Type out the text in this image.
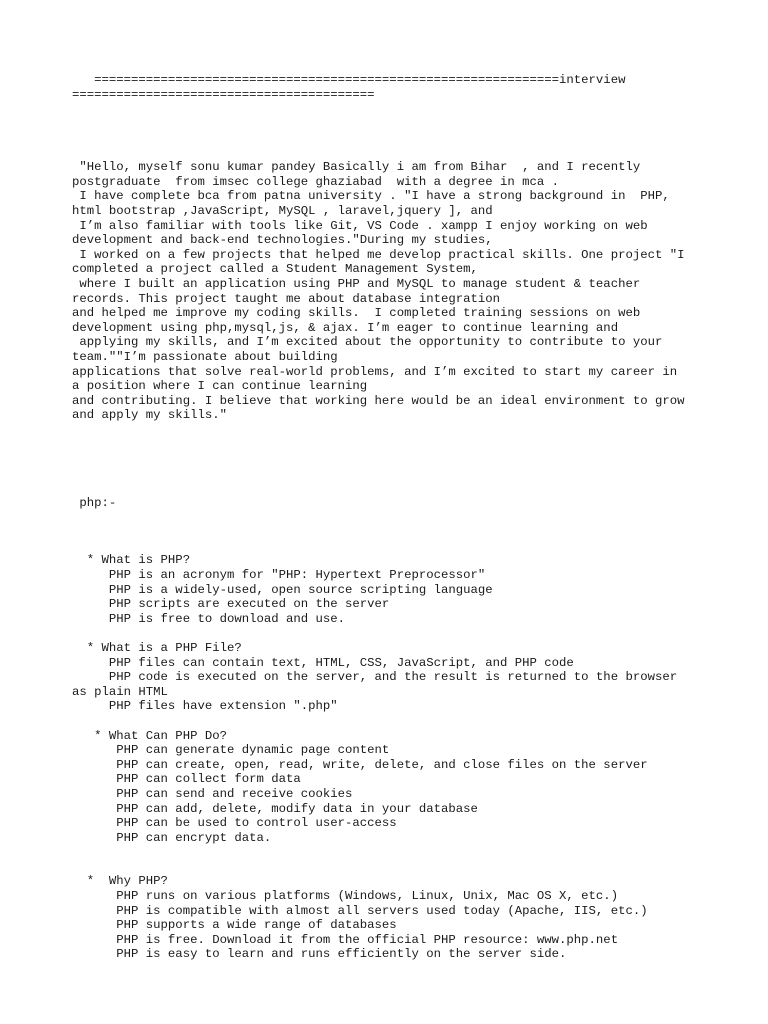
===============================================================interview
=========================================
"Hello, myself sonu kumar pandey Basically i am from Bihar  , and I recently
postgraduate  from imsec college ghaziabad  with a degree in mca .
I have complete bca from patna university . "I have a strong background in  PHP,
html bootstrap ,JavaScript, MySQL , laravel,jquery ], and
I’m also familiar with tools like Git, VS Code . xampp I enjoy working on web
development and back-end technologies."During my studies,
I worked on a few projects that helped me develop practical skills. One project "I
completed a project called a Student Management System,
where I built an application using PHP and MySQL to manage student & teacher
records. This project taught me about database integration
and helped me improve my coding skills.  I completed training sessions on web
development using php,mysql,js, & ajax. I’m eager to continue learning and
applying my skills, and I’m excited about the opportunity to contribute to your
team.""I’m passionate about building
applications that solve real-world problems, and I’m excited to start my career in
a position where I can continue learning
and contributing. I believe that working here would be an ideal environment to grow
and apply my skills."
php:-
* What is PHP?
PHP is an acronym for "PHP: Hypertext Preprocessor"
PHP is a widely-used, open source scripting language
PHP scripts are executed on the server
PHP is free to download and use.
* What is a PHP File?
PHP files can contain text, HTML, CSS, JavaScript, and PHP code
PHP code is executed on the server, and the result is returned to the browser
as plain HTML
PHP files have extension ".php"
* What Can PHP Do?
PHP can generate dynamic page content
PHP can create, open, read, write, delete, and close files on the server
PHP can collect form data
PHP can send and receive cookies
PHP can add, delete, modify data in your database
PHP can be used to control user-access
PHP can encrypt data.
*  Why PHP?
PHP runs on various platforms (Windows, Linux, Unix, Mac OS X, etc.)
PHP is compatible with almost all servers used today (Apache, IIS, etc.)
PHP supports a wide range of databases
PHP is free. Download it from the official PHP resource: www.php.net
PHP is easy to learn and runs efficiently on the server side.
